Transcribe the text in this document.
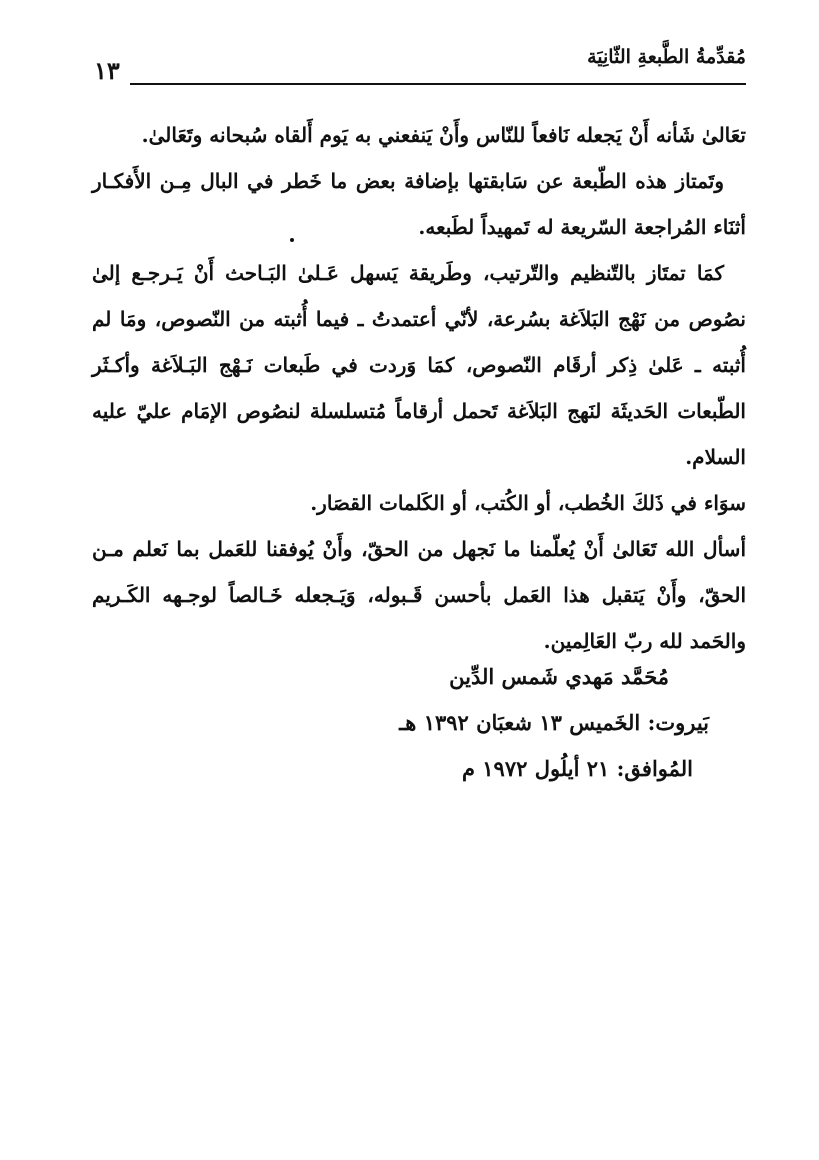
مُقدِّمةُ الطَّبعةِ الثّانِيَة
١٣

تعَالىٰ شَأنه أَنْ يَجعله نَافعاً للنّاس وأَنْ يَنفعني به يَوم أَلقاه سُبحانه وتَعَالىٰ.

وتَمتاز هذه الطّبعة عن سَابقتها بإضافة بعض ما خَطر في البال مِـن الأَفكـار أثنَاء المُراجعة السّريعة له تَمهيداً لطَبعه.

كمَا تمتَاز بالتّنظيم والتّرتيب، وطَريقة يَسهل عَـلىٰ البَـاحث أَنْ يَـرجـع إلىٰ نصُوص من نَهْج البَلاَغة بسُرعة، لأنّي أعتمدتُ ـ فيما أُثبته من النّصوص، ومَا لم أُثبته ـ عَلىٰ ذِكر أرقَام النّصوص، كمَا وَردت في طَبعات نَـهْج البَـلاَغة وأكـثَر الطّبعات الحَديثَة لنَهج البَلاَغة تَحمل أرقاماً مُتسلسلة لنصُوص الإمَام عليّ عليه السلام.

سوَاء في ذَلكَ الخُطب، أو الكُتب، أو الكَلمات القصَار.

أسأل الله تَعَالىٰ أَنْ يُعلّمنا ما نَجهل من الحقّ، وأَنْ يُوفقنا للعَمل بما نَعلم مـن الحقّ، وأَنْ يَتقبل هذا العَمل بأحسن قَـبوله، وَيَـجعله خَـالصاً لوجـهه الكَـريم والحَمد لله ربّ العَالِمين.

مُحَمَّد مَهدي شَمس الدِّين
بَيروت: الخَميس ١٣ شعبَان ١٣٩٢ هـ
المُوافق: ٢١ أيلُول ١٩٧٢ م
